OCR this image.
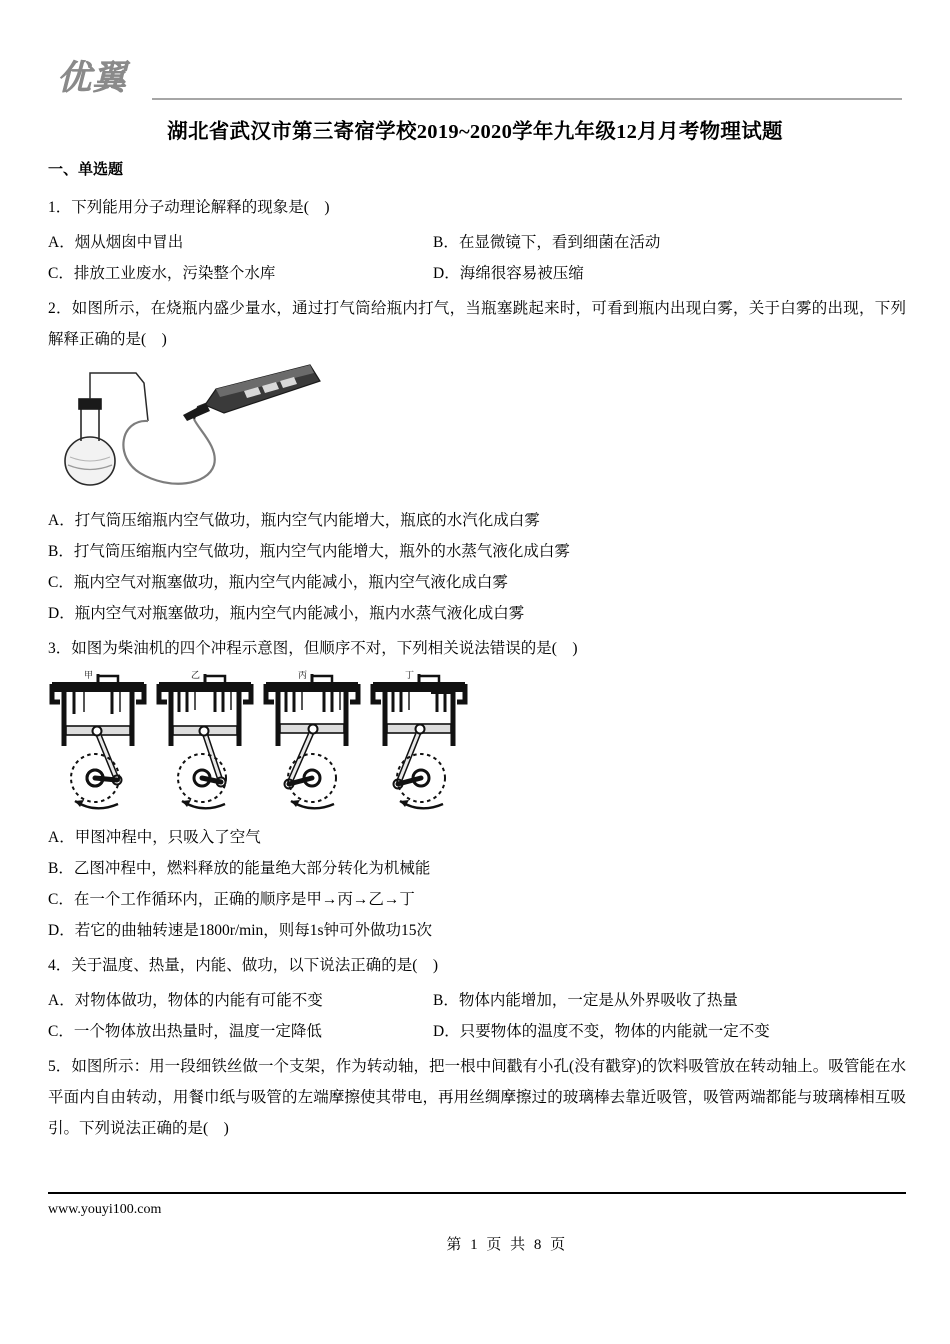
优翼
湖北省武汉市第三寄宿学校2019~2020学年九年级12月月考物理试题
一、单选题

1．下列能用分子动理论解释的现象是(　)

A．烟从烟囱中冒出	B．在显微镜下，看到细菌在活动
C．排放工业废水，污染整个水库	D．海绵很容易被压缩

2．如图所示，在烧瓶内盛少量水，通过打气筒给瓶内打气，当瓶塞跳起来时，可看到瓶内出现白雾，关于白雾的出现，下列解释正确的是(　)

A．打气筒压缩瓶内空气做功，瓶内空气内能增大，瓶底的水汽化成白雾

B．打气筒压缩瓶内空气做功，瓶内空气内能增大，瓶外的水蒸气液化成白雾

C．瓶内空气对瓶塞做功，瓶内空气内能减小，瓶内空气液化成白雾

D．瓶内空气对瓶塞做功，瓶内空气内能减小，瓶内水蒸气液化成白雾

3．如图为柴油机的四个冲程示意图，但顺序不对，下列相关说法错误的是(　)

甲	乙	丙	丁

A．甲图冲程中，只吸入了空气

B．乙图冲程中，燃料释放的能量绝大部分转化为机械能

C．在一个工作循环内，正确的顺序是甲→丙→乙→丁

D．若它的曲轴转速是1800r/min，则每1s钟可外做功15次

4．关于温度、热量，内能、做功，以下说法正确的是(　)

A．对物体做功，物体的内能有可能不变	B．物体内能增加，一定是从外界吸收了热量
C．一个物体放出热量时，温度一定降低	D．只要物体的温度不变，物体的内能就一定不变

5．如图所示：用一段细铁丝做一个支架，作为转动轴，把一根中间戳有小孔(没有戳穿)的饮料吸管放在转动轴上。吸管能在水平面内自由转动，用餐巾纸与吸管的左端摩擦使其带电，再用丝绸摩擦过的玻璃棒去靠近吸管，吸管两端都能与玻璃棒相互吸引。下列说法正确的是(　)

www.youyi100.com
第 1 页 共 8 页
